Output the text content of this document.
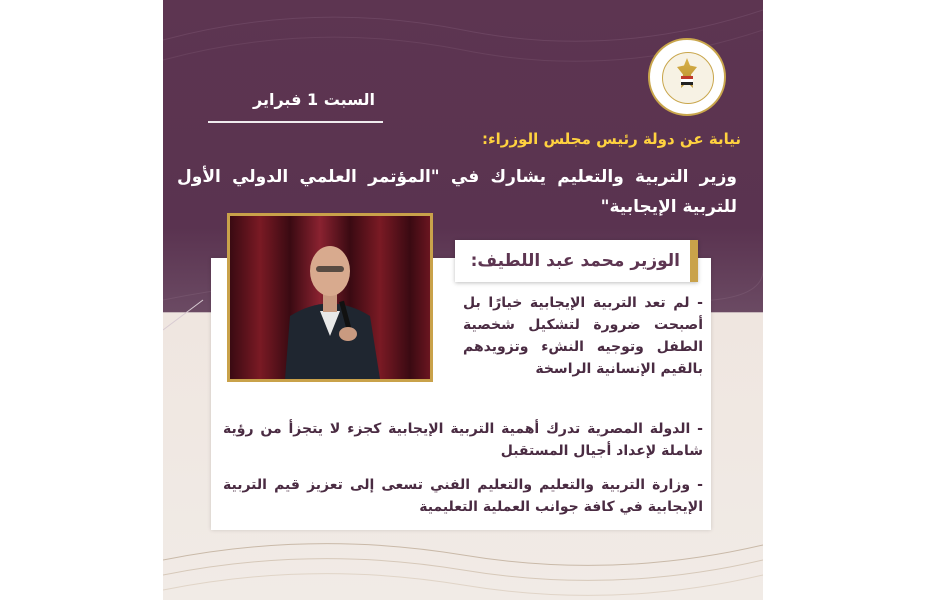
السبت 1 فبراير
نيابة عن دولة رئيس مجلس الوزراء:
وزير التربية والتعليم يشارك في "المؤتمر العلمي الدولي الأول للتربية الإيجابية"
الوزير محمد عبد اللطيف:
- لم تعد التربية الإيجابية خيارًا بل أصبحت ضرورة لتشكيل شخصية الطفل وتوجيه النشء وتزويدهم بالقيم الإنسانية الراسخة
- الدولة المصرية تدرك أهمية التربية الإيجابية كجزء لا يتجزأ من رؤية شاملة لإعداد أجيال المستقبل
- وزارة التربية والتعليم والتعليم الفني تسعى إلى تعزيز قيم التربية الإيجابية في كافة جوانب العملية التعليمية
